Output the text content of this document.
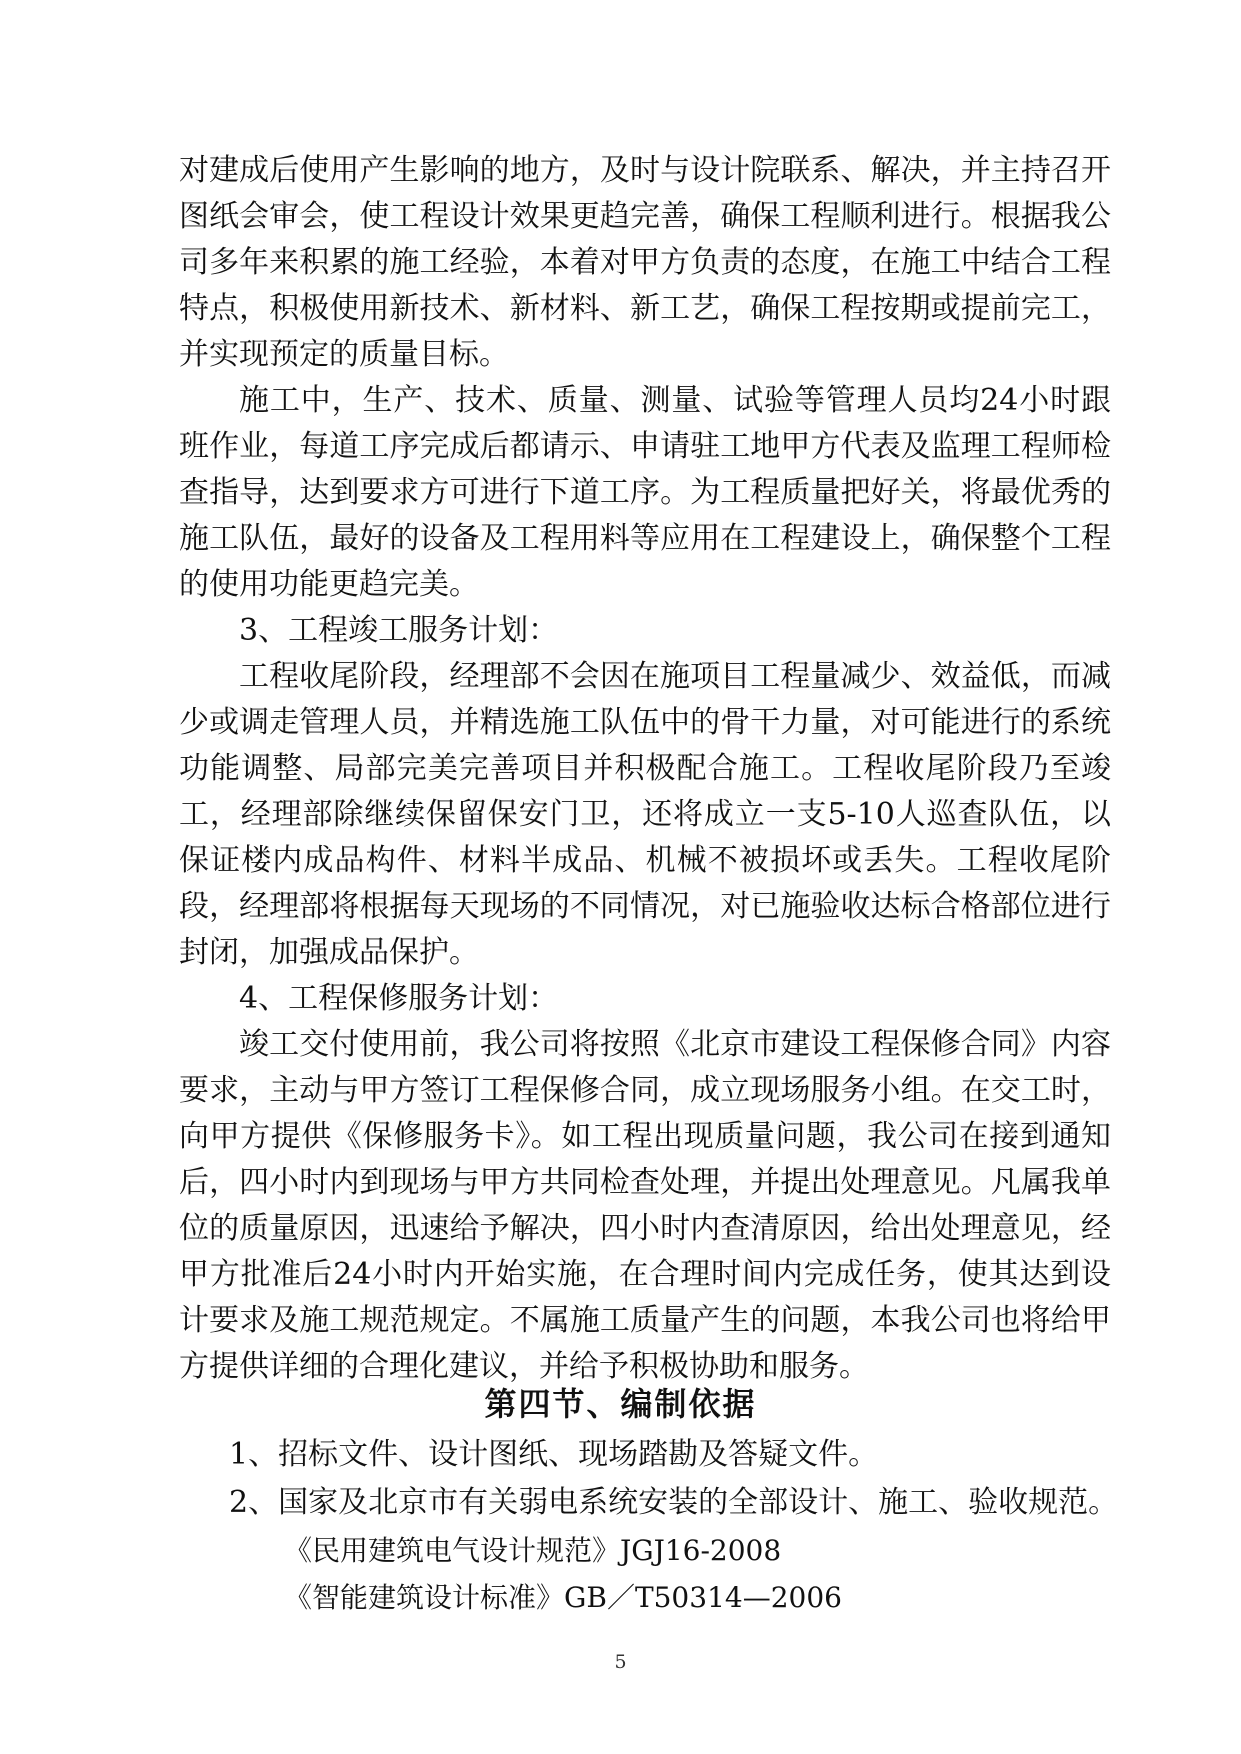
对建成后使用产生影响的地方，及时与设计院联系、解决，并主持召开图纸会审会，使工程设计效果更趋完善，确保工程顺利进行。根据我公司多年来积累的施工经验，本着对甲方负责的态度，在施工中结合工程特点，积极使用新技术、新材料、新工艺，确保工程按期或提前完工，并实现预定的质量目标。

施工中，生产、技术、质量、测量、试验等管理人员均24小时跟班作业，每道工序完成后都请示、申请驻工地甲方代表及监理工程师检查指导，达到要求方可进行下道工序。为工程质量把好关，将最优秀的施工队伍，最好的设备及工程用料等应用在工程建设上，确保整个工程的使用功能更趋完美。

3、工程竣工服务计划：

工程收尾阶段，经理部不会因在施项目工程量减少、效益低，而减少或调走管理人员，并精选施工队伍中的骨干力量，对可能进行的系统功能调整、局部完美完善项目并积极配合施工。工程收尾阶段乃至竣工，经理部除继续保留保安门卫，还将成立一支5-10人巡查队伍，以保证楼内成品构件、材料半成品、机械不被损坏或丢失。工程收尾阶段，经理部将根据每天现场的不同情况，对已施验收达标合格部位进行封闭，加强成品保护。

4、工程保修服务计划：

竣工交付使用前，我公司将按照《北京市建设工程保修合同》内容要求，主动与甲方签订工程保修合同，成立现场服务小组。在交工时，向甲方提供《保修服务卡》。如工程出现质量问题，我公司在接到通知后，四小时内到现场与甲方共同检查处理，并提出处理意见。凡属我单位的质量原因，迅速给予解决，四小时内查清原因，给出处理意见，经甲方批准后24小时内开始实施，在合理时间内完成任务，使其达到设计要求及施工规范规定。不属施工质量产生的问题，本我公司也将给甲方提供详细的合理化建议，并给予积极协助和服务。

第四节、编制依据

1、招标文件、设计图纸、现场踏勘及答疑文件。

2、国家及北京市有关弱电系统安装的全部设计、施工、验收规范。

《民用建筑电气设计规范》JGJ16-2008

《智能建筑设计标准》GB／T50314—2006

5
